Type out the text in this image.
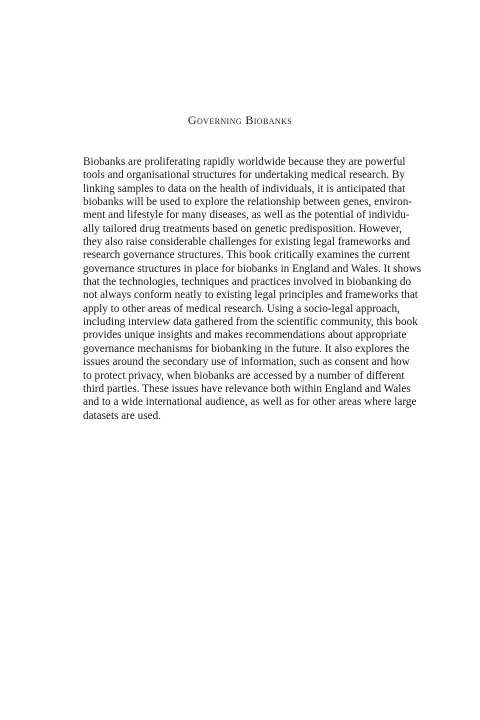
Governing Biobanks
Biobanks are proliferating rapidly worldwide because they are powerful
tools and organisational structures for undertaking medical research. By
linking samples to data on the health of individuals, it is anticipated that
biobanks will be used to explore the relationship between genes, environ-
ment and lifestyle for many diseases, as well as the potential of individu-
ally tailored drug treatments based on genetic predisposition. However,
they also raise considerable challenges for existing legal frameworks and
research governance structures. This book critically examines the current
governance structures in place for biobanks in England and Wales. It shows
that the technologies, techniques and practices involved in biobanking do
not always conform neatly to existing legal principles and frameworks that
apply to other areas of medical research. Using a socio-legal approach,
including interview data gathered from the scientific community, this book
provides unique insights and makes recommendations about appropriate
governance mechanisms for biobanking in the future. It also explores the
issues around the secondary use of information, such as consent and how
to protect privacy, when biobanks are accessed by a number of different
third parties. These issues have relevance both within England and Wales
and to a wide international audience, as well as for other areas where large
datasets are used.
